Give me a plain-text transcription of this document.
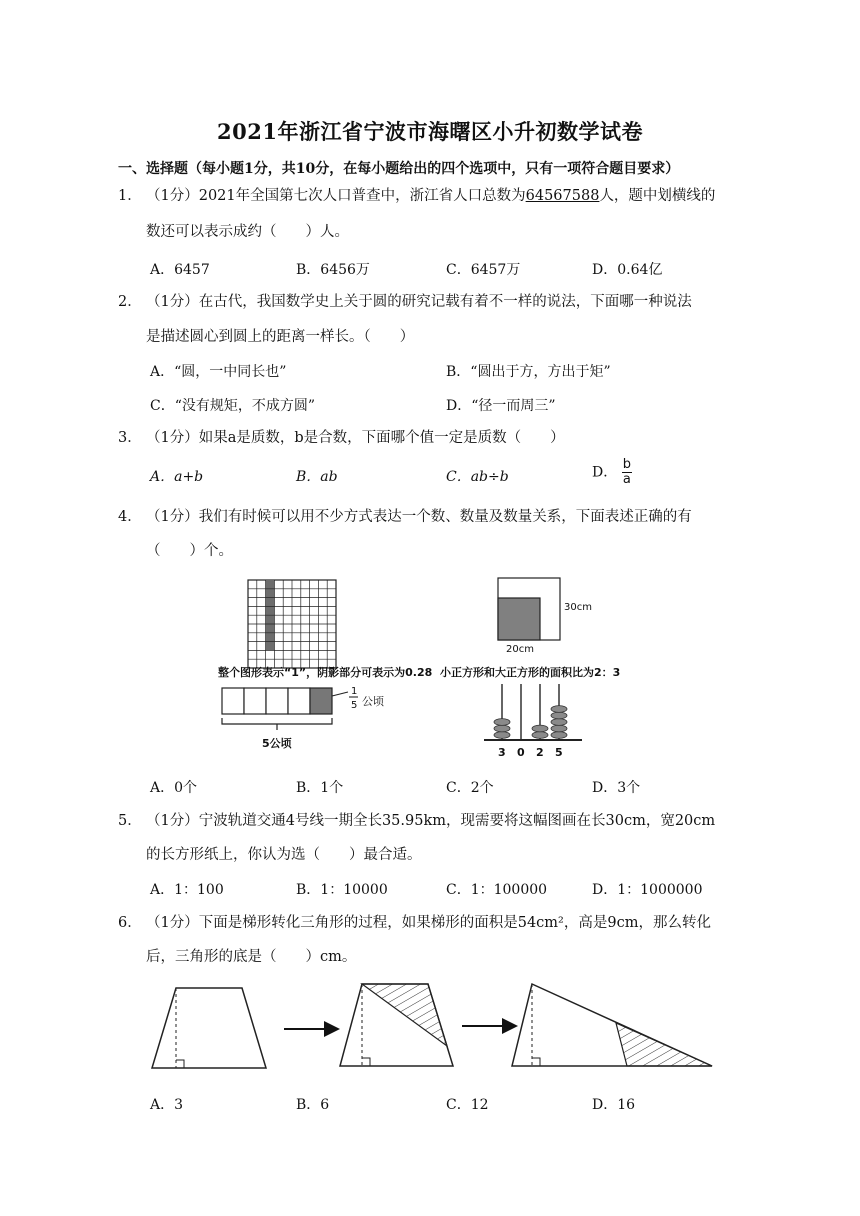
2021年浙江省宁波市海曙区小升初数学试卷
一、选择题（每小题1分，共10分，在每小题给出的四个选项中，只有一项符合题目要求）
1． （1分）2021年全国第七次人口普查中，浙江省人口总数为64567588人，题中划横线的
数还可以表示成约（　　）人。
A．6457	B．6456万	C．6457万	D．0.64亿
2． （1分）在古代，我国数学史上关于圆的研究记载有着不一样的说法，下面哪一种说法
是描述圆心到圆上的距离一样长。（　　）
A．“圆，一中同长也”	B．“圆出于方，方出于矩”
C．“没有规矩，不成方圆”	D．“径一而周三”
3． （1分）如果a是质数，b是合数，下面哪个值一定是质数（　　）
A．a+b	B．ab	C．ab÷b	D． $\frac{b}{a}$
4． （1分）我们有时候可以用不少方式表达一个数、数量及数量关系，下面表述正确的有
（　　）个。
整个图形表示“1”，阴影部分可表示为0.28
30cm
20cm
小正方形和大正方形的面积比为2：3
1
5 公顷
5公顷
3 0 2 5
A．0个	B．1个	C．2个	D．3个
5． （1分）宁波轨道交通4号线一期全长35.95km，现需要将这幅图画在长30cm，宽20cm
的长方形纸上，你认为选（　　）最合适。
A．1：100	B．1：10000	C．1：100000	D．1：1000000
6． （1分）下面是梯形转化三角形的过程，如果梯形的面积是54cm²，高是9cm，那么转化
后，三角形的底是（　　）cm。
A．3	B．6	C．12	D．16
